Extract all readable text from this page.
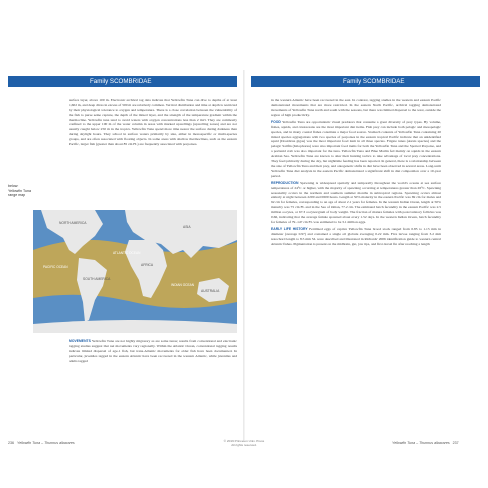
Family SCOMBRIDAE

surface layer, above 100 m. Electronic archival tag data indicate that Yellowfin Tuna can dive to depths of at least 1,602 m, and deep dives in excess of 500 m are relatively common. Vertical distribution and time at depth is restricted by their physiological tolerance to oxygen and temperature. There is a close correlation between the vulnerability of the fish to purse seine capture, the depth of the mixed layer, and the strength of the temperature gradient within the thermocline. Yellowfin tuna tend to avoid waters with oxygen concentrations less than 2 ml/l. They are commonly confined to the upper 100 m of the water column in areas with marked upwellings (upwelling zones) and are not usually caught below 250 m in the tropics. Yellowfin Tuna spend more time nearer the surface during darkness than during daylight hours. They school in surface waters primarily by size, either in monospecific or multi-species groups, and are often associated with floating objects. In some areas with shallow thermoclines, such as the eastern Pacific, larger fish (greater than about 85 cm FL) are frequently associated with porpoises.

below: Yellowfin Tuna range map
NORTH AMERICA
SOUTH AMERICA
AFRICA
ASIA
AUSTRALIA
PACIFIC OCEAN
ATLANTIC OCEAN
INDIAN OCEAN

MOVEMENTS Yellowfin Tuna are not highly migratory as are some tunas; results from conventional and electronic tagging studies suggest that net movements vary regionally. Within the Atlantic Ocean, conventional tagging results indicate limited dispersal of age-1 fish, but trans-Atlantic movements for older fish have been documented. In particular, juveniles tagged in the eastern Atlantic have been recovered in the western Atlantic, while juveniles and adults tagged

236 Yellowfin Tuna – Thunnus albacares
Family SCOMBRIDAE

in the western Atlantic have been recovered in the east. In contrast, tagging studies in the western and eastern Pacific demonstrated movements that are more restricted. In the eastern North Pacific, archival tagging demonstrated movements of Yellowfin Tuna north and south with the seasons, but there was limited dispersal to the west, outside the region of high productivity.

FOOD Yellowfin Tuna are opportunistic visual predators that consume a great diversity of prey types. By volume, fishes, squids, and crustaceans are the most important diet items. Fish prey can include both pelagic and mesopelagic species, and in many coastal fishes constitute a major food source. Stomach contents of Yellowfin Tuna containing 20 mixed species aggregations with two species of porpoises in the eastern tropical Pacific indicate that an unidentified squid (Dosidicus gigas) was the most important food item in all three species. Frigate tunas (Auxis species) and the pelagic Sailfin (Istiophorus) were also important food items for both the Yellowfin Tuna and the Spotted Porpoise, and a portunid crab was also important for the tuna. Yellowfin Tuna and Blue Marlin fed mainly on squids in the eastern Arabian Sea. Yellowfin Tuna are known to alter their hunting tactics to take advantage of local prey concentrations. They feed primarily during the day, but nighttime feeding has been reported. In general, there is a relationship between the size of Yellowfin Tuna and their prey, and ontogenetic shifts in diet have been observed in several areas. Long-term Yellowfin Tuna diet analysis in the eastern Pacific demonstrated a significant shift in diet composition over a 10-year period.

REPRODUCTION Spawning is widespread spatially and temporally throughout the world's oceans at sea surface temperatures of 24°C or higher, with the majority of spawning occurring at temperatures greater than 26°C. Spawning seasonality occurs in the northern and southern summer months in subtropical regions. Spawning occurs almost entirely at night between 2200 and 0600 hours. Length at 50% maturity in the eastern Pacific was 69 cm for males and 92 cm for females, corresponding to an age of about 2.1 years for females. In the western Indian Ocean, length at 50% maturity was 75 cm FL and in the Sea of Oman, 77.2 cm. The estimated batch fecundity in the eastern Pacific was 2.5 million oocytes, or 67.3 oocytes/gram of body weight. The fraction of mature females with postovulatory follicles was 0.66, indicating that the average female spawned about every 1.52 days. In the western Indian Ocean, batch fecundity for females of 79–147 cm FL was estimated to be 3.1 million eggs.

EARLY LIFE HISTORY Fertilized eggs of captive Yellowfin Tuna brood stock ranged from 0.85 to 1.15 mm in diameter (average 0.97) and contained a single oil globule averaging 0.22 mm. Five larvae ranging from 3.2 mm notochord length to 8.5 mm SL were described and illustrated in Richards' 2006 identification guide to western central Atlantic fishes. Pigmentation is present on the midbrain, gut, jaw tips, and first dorsal fin after reaching a length

Yellowfin Tuna – Thunnus albacares 237
© 2019 Princeton Univ. Press
All rights reserved.
